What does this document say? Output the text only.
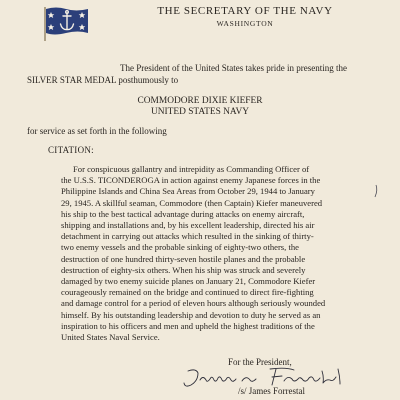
THE SECRETARY OF THE NAVY
WASHINGTON
The President of the United States takes pride in presenting the
SILVER STAR MEDAL posthumously to
COMMODORE DIXIE KIEFER
UNITED STATES NAVY
for service as set forth in the following
CITATION:
For conspicuous gallantry and intrepidity as Commanding Officer of
the U.S.S. TICONDEROGA in action against enemy Japanese forces in the
Philippine Islands and China Sea Areas from October 29, 1944 to January
29, 1945. A skillful seaman, Commodore (then Captain) Kiefer maneuvered
his ship to the best tactical advantage during attacks on enemy aircraft,
shipping and installations and, by his excellent leadership, directed his air
detachment in carrying out attacks which resulted in the sinking of thirty-
two enemy vessels and the probable sinking of eighty-two others, the
destruction of one hundred thirty-seven hostile planes and the probable
destruction of eighty-six others. When his ship was struck and severely
damaged by two enemy suicide planes on January 21, Commodore Kiefer
courageously remained on the bridge and continued to direct fire-fighting
and damage control for a period of eleven hours although seriously wounded
himself. By his outstanding leadership and devotion to duty he served as an
inspiration to his officers and men and upheld the highest traditions of the
United States Naval Service.
For the President,
/s/ James Forrestal
